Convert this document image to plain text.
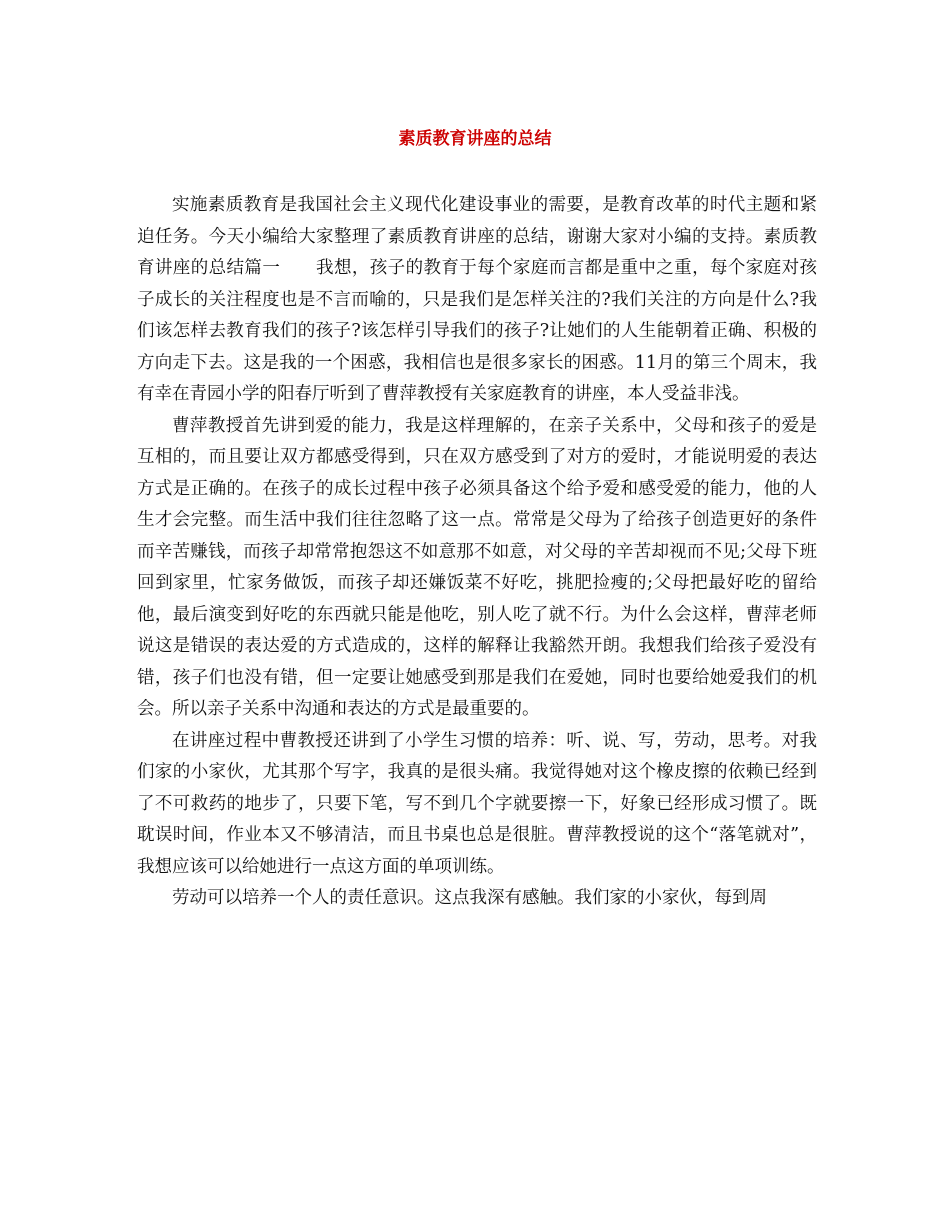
素质教育讲座的总结

实施素质教育是我国社会主义现代化建设事业的需要，是教育改革的时代主题和紧迫任务。今天小编给大家整理了素质教育讲座的总结，谢谢大家对小编的支持。素质教育讲座的总结篇一　　我想，孩子的教育于每个家庭而言都是重中之重，每个家庭对孩子成长的关注程度也是不言而喻的，只是我们是怎样关注的?我们关注的方向是什么?我们该怎样去教育我们的孩子?该怎样引导我们的孩子?让她们的人生能朝着正确、积极的方向走下去。这是我的一个困惑，我相信也是很多家长的困惑。11月的第三个周末，我有幸在青园小学的阳春厅听到了曹萍教授有关家庭教育的讲座，本人受益非浅。

曹萍教授首先讲到爱的能力，我是这样理解的，在亲子关系中，父母和孩子的爱是互相的，而且要让双方都感受得到，只在双方感受到了对方的爱时，才能说明爱的表达方式是正确的。在孩子的成长过程中孩子必须具备这个给予爱和感受爱的能力，他的人生才会完整。而生活中我们往往忽略了这一点。常常是父母为了给孩子创造更好的条件而辛苦赚钱，而孩子却常常抱怨这不如意那不如意，对父母的辛苦却视而不见;父母下班回到家里，忙家务做饭，而孩子却还嫌饭菜不好吃，挑肥捡瘦的;父母把最好吃的留给他，最后演变到好吃的东西就只能是他吃，别人吃了就不行。为什么会这样，曹萍老师说这是错误的表达爱的方式造成的，这样的解释让我豁然开朗。我想我们给孩子爱没有错，孩子们也没有错，但一定要让她感受到那是我们在爱她，同时也要给她爱我们的机会。所以亲子关系中沟通和表达的方式是最重要的。

在讲座过程中曹教授还讲到了小学生习惯的培养：听、说、写，劳动，思考。对我们家的小家伙，尤其那个写字，我真的是很头痛。我觉得她对这个橡皮擦的依赖已经到了不可救药的地步了，只要下笔，写不到几个字就要擦一下，好象已经形成习惯了。既耽误时间，作业本又不够清洁，而且书桌也总是很脏。曹萍教授说的这个“落笔就对”，我想应该可以给她进行一点这方面的单项训练。

劳动可以培养一个人的责任意识。这点我深有感触。我们家的小家伙，每到周
